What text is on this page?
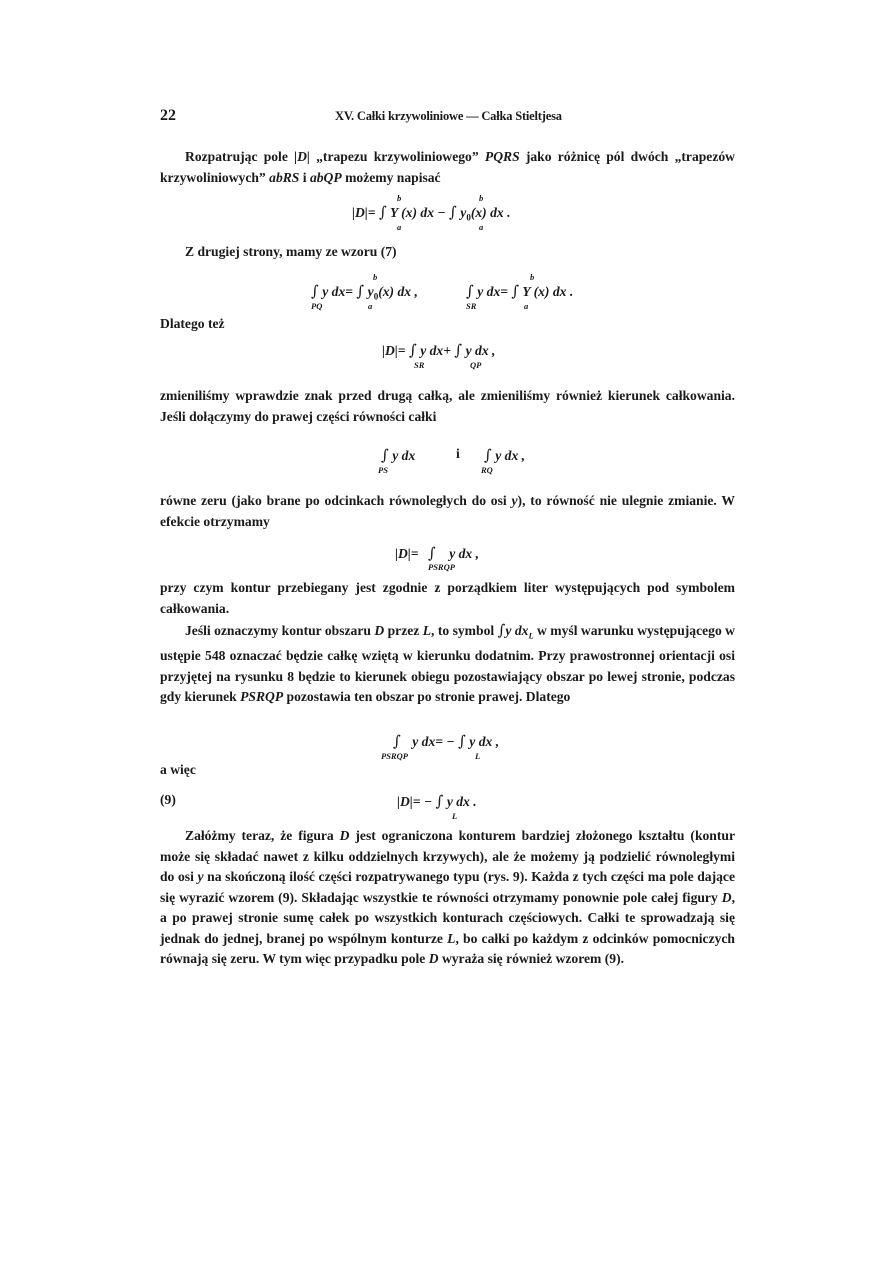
22	XV. Całki krzywoliniowe — Całka Stieltjesa
Rozpatrując pole |D| „trapezu krzywoliniowego” PQRS jako różnicę pól dwóch „trapezów krzywoliniowych” abRS i abQP możemy napisać
|D|= ∫ Y (x) dx − ∫ $y_0(x)$ dx .
b
a
b
a
Z drugiej strony, mamy ze wzoru (7)
∫ y dx= ∫ $y_0(x)$ dx ,	∫ y dx= ∫ Y (x) dx .
PQ
b
a	SR
b
a
Dlatego też
|D|= ∫ y dx+ ∫ y dx ,
SR	QP
zmieniliśmy wprawdzie znak przed drugą całką, ale zmieniliśmy również kierunek całkowania. Jeśli dołączymy do prawej części równości całki
∫ y dx	i ∫ y dx ,
PS	RQ
równe zeru (jako brane po odcinkach równoległych do osi y), to równość nie ulegnie zmianie. W efekcie otrzymamy
|D|= ∫ y dx ,
PSRQP
przy czym kontur przebiegany jest zgodnie z porządkiem liter występujących pod symbolem całkowania.
Jeśli oznaczymy kontur obszaru D przez L, to symbol ∫y $dx_L$ w myśl warunku występującego w ustępie 548 oznaczać będzie całkę wziętą w kierunku dodatnim. Przy prawostronnej orientacji osi przyjętej na rysunku 8 będzie to kierunek obiegu pozostawiający obszar po lewej stronie, podczas gdy kierunek PSRQP pozostawia ten obszar po stronie prawej. Dlatego
∫ y dx= − ∫ y dx ,
PSRQP	L
a więc
(9)	|D|= − ∫ y dx .
L
Załóżmy teraz, że figura D jest ograniczona konturem bardziej złożonego kształtu (kontur może się składać nawet z kilku oddzielnych krzywych), ale że możemy ją podzielić równoległymi do osi y na skończoną ilość części rozpatrywanego typu (rys. 9). Każda z tych części ma pole dające się wyrazić wzorem (9). Składając wszystkie te równości otrzymamy ponownie pole całej figury D, a po prawej stronie sumę całek po wszystkich konturach częściowych. Całki te sprowadzają się jednak do jednej, branej po wspólnym konturze L, bo całki po każdym z odcinków pomocniczych równają się zeru. W tym więc przypadku pole D wyraża się również wzorem (9).
